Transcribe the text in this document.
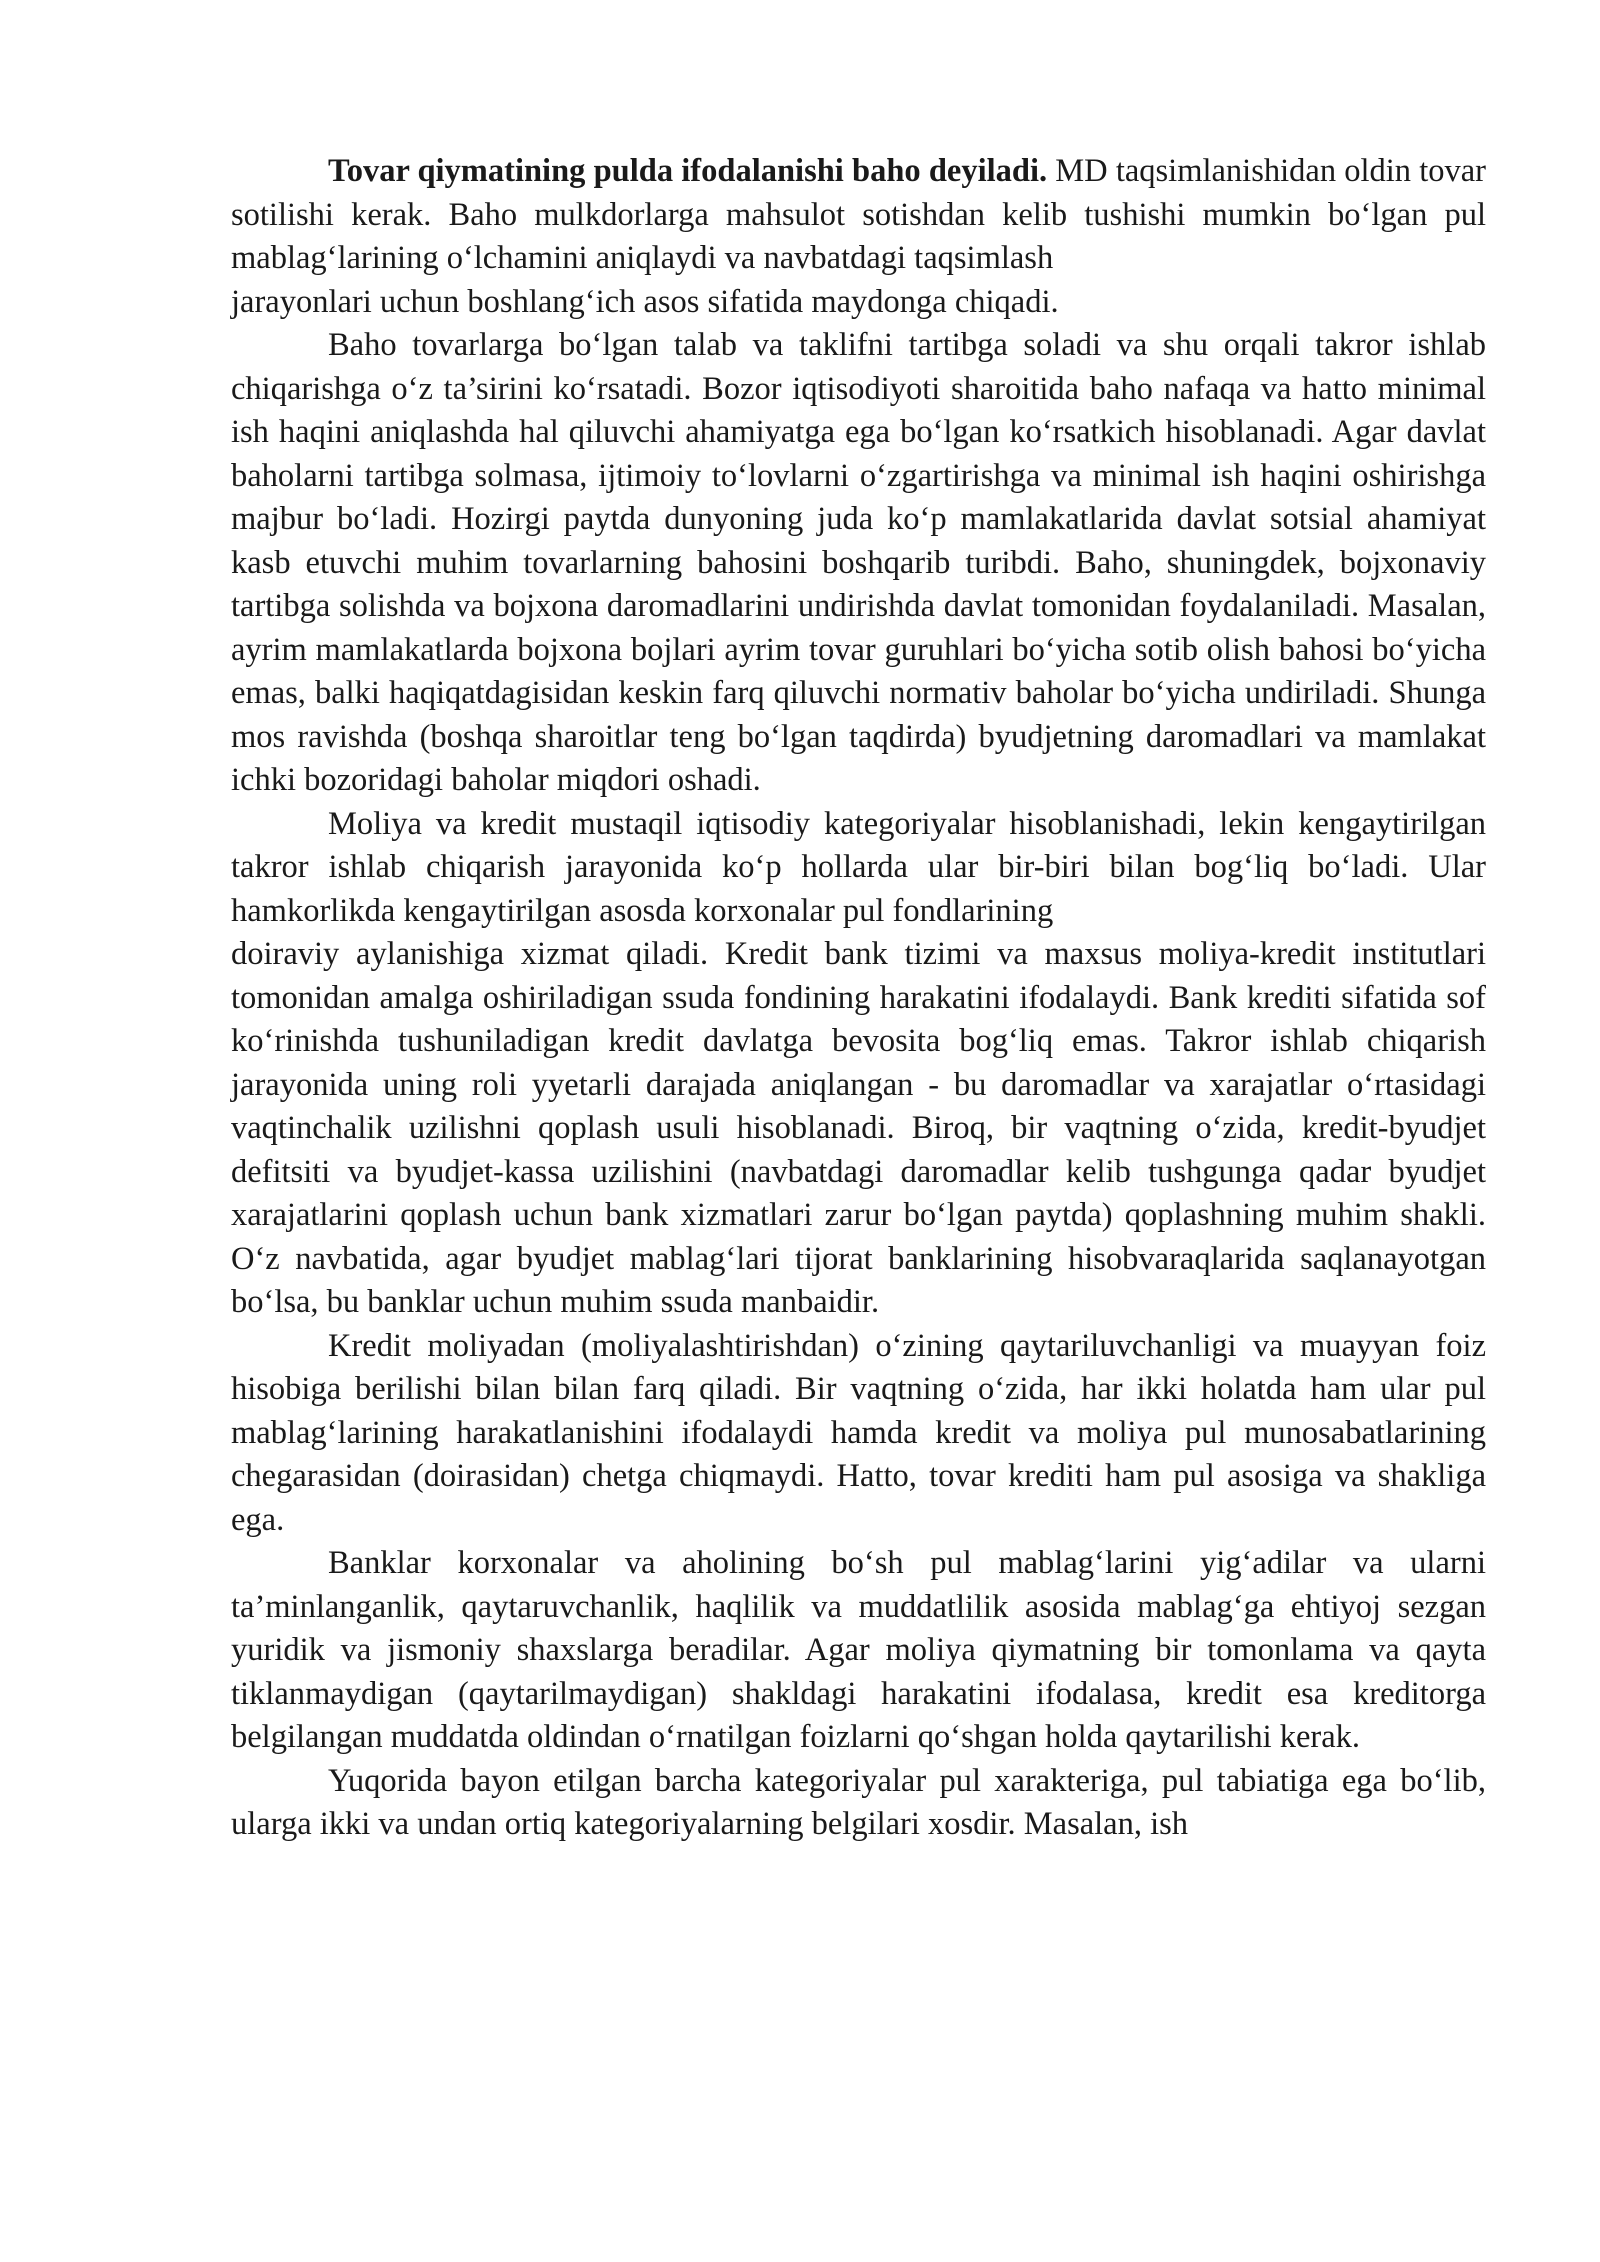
Tovar qiymatining pulda ifodalanishi baho deyiladi. MD taqsimlanishidan oldin tovar sotilishi kerak. Baho mulkdorlarga mahsulot sotishdan kelib tushishi mumkin bo‘lgan pul mablag‘larining o‘lchamini aniqlaydi va navbatdagi taqsimlash

jarayonlari uchun boshlang‘ich asos sifatida maydonga chiqadi.

Baho tovarlarga bo‘lgan talab va taklifni tartibga soladi va shu orqali takror ishlab chiqarishga o‘z ta’sirini ko‘rsatadi. Bozor iqtisodiyoti sharoitida baho nafaqa va hatto minimal ish haqini aniqlashda hal qiluvchi ahamiyatga ega bo‘lgan ko‘rsatkich hisoblanadi. Agar davlat baholarni tartibga solmasa, ijtimoiy to‘lovlarni o‘zgartirishga va minimal ish haqini oshirishga majbur bo‘ladi. Hozirgi paytda dunyoning juda ko‘p mamlakatlarida davlat sotsial ahamiyat kasb etuvchi muhim tovarlarning bahosini boshqarib turibdi. Baho, shuningdek, bojxonaviy tartibga solishda va bojxona daromadlarini undirishda davlat tomonidan foydalaniladi. Masalan, ayrim mamlakatlarda bojxona bojlari ayrim tovar guruhlari bo‘yicha sotib olish bahosi bo‘yicha emas, balki haqiqatdagisidan keskin farq qiluvchi normativ baholar bo‘yicha undiriladi. Shunga mos ravishda (boshqa sharoitlar teng bo‘lgan taqdirda) byudjetning daromadlari va mamlakat ichki bozoridagi baholar miqdori oshadi.

Moliya va kredit mustaqil iqtisodiy kategoriyalar hisoblanishadi, lekin kengaytirilgan takror ishlab chiqarish jarayonida ko‘p hollarda ular bir-biri bilan bog‘liq bo‘ladi. Ular hamkorlikda kengaytirilgan asosda korxonalar pul fondlarining

doiraviy aylanishiga xizmat qiladi. Kredit bank tizimi va maxsus moliya-kredit institutlari tomonidan amalga oshiriladigan ssuda fondining harakatini ifodalaydi. Bank krediti sifatida sof ko‘rinishda tushuniladigan kredit davlatga bevosita bog‘liq emas. Takror ishlab chiqarish jarayonida uning roli yyetarli darajada aniqlangan - bu daromadlar va xarajatlar o‘rtasidagi vaqtinchalik uzilishni qoplash usuli hisoblanadi. Biroq, bir vaqtning o‘zida, kredit-byudjet defitsiti va byudjet-kassa uzilishini (navbatdagi daromadlar kelib tushgunga qadar byudjet xarajatlarini qoplash uchun bank xizmatlari zarur bo‘lgan paytda) qoplashning muhim shakli. O‘z navbatida, agar byudjet mablag‘lari tijorat banklarining hisobvaraqlarida saqlanayotgan bo‘lsa, bu banklar uchun muhim ssuda manbaidir.

Kredit moliyadan (moliyalashtirishdan) o‘zining qaytariluvchanligi va muayyan foiz hisobiga berilishi bilan bilan farq qiladi. Bir vaqtning o‘zida, har ikki holatda ham ular pul mablag‘larining harakatlanishini ifodalaydi hamda kredit va moliya pul munosabatlarining chegarasidan (doirasidan) chetga chiqmaydi. Hatto, tovar krediti ham pul asosiga va shakliga ega.

Banklar korxonalar va aholining bo‘sh pul mablag‘larini yig‘adilar va ularni ta’minlanganlik, qaytaruvchanlik, haqlilik va muddatlilik asosida mablag‘ga ehtiyoj sezgan yuridik va jismoniy shaxslarga beradilar. Agar moliya qiymatning bir tomonlama va qayta tiklanmaydigan (qaytarilmaydigan) shakldagi harakatini ifodalasa, kredit esa kreditorga belgilangan muddatda oldindan o‘rnatilgan foizlarni qo‘shgan holda qaytarilishi kerak.

Yuqorida bayon etilgan barcha kategoriyalar pul xarakteriga, pul tabiatiga ega bo‘lib, ularga ikki va undan ortiq kategoriyalarning belgilari xosdir. Masalan, ish
